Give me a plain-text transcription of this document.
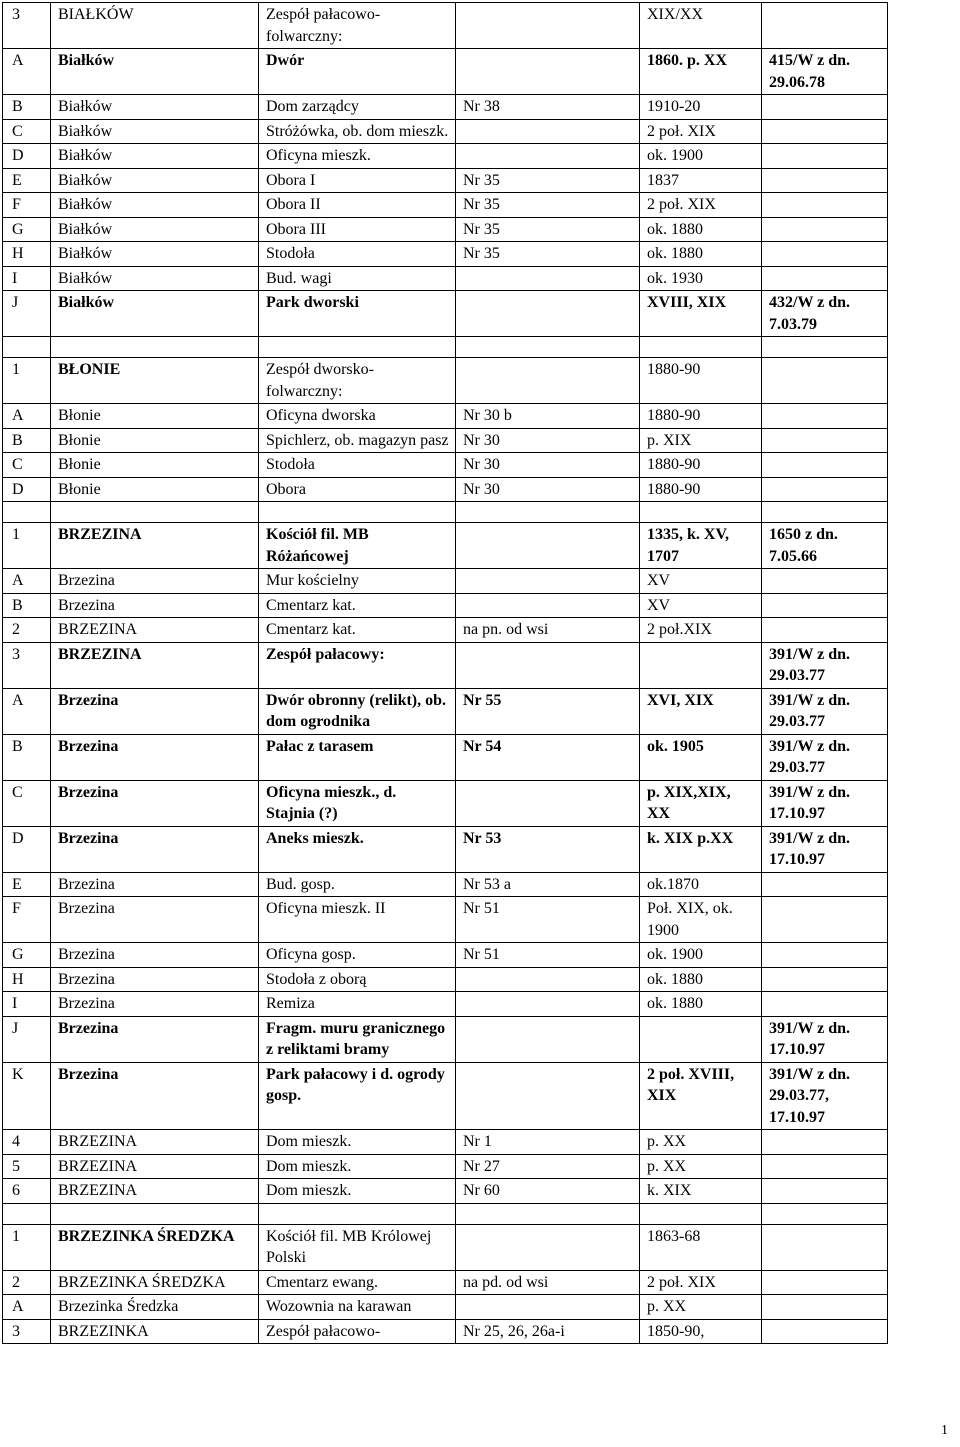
3	BIAŁKÓW	Zespół pałacowo-folwarczny:		XIX/XX	
A	Białków	Dwór		1860. p. XX	415/W z dn. 29.06.78
B	Białków	Dom zarządcy	Nr 38	1910-20	
C	Białków	Stróżówka, ob. dom mieszk.		2 poł. XIX	
D	Białków	Oficyna mieszk.		ok. 1900	
E	Białków	Obora I	Nr 35	1837	
F	Białków	Obora II	Nr 35	2 poł. XIX	
G	Białków	Obora III	Nr 35	ok. 1880	
H	Białków	Stodoła	Nr 35	ok. 1880	
I	Białków	Bud. wagi		ok. 1930	
J	Białków	Park dworski		XVIII, XIX	432/W z dn. 7.03.79

1	BŁONIE	Zespół dworsko-folwarczny:		1880-90	
A	Błonie	Oficyna dworska	Nr 30 b	1880-90	
B	Błonie	Spichlerz, ob. magazyn pasz	Nr 30	p. XIX	
C	Błonie	Stodoła	Nr 30	1880-90	
D	Błonie	Obora	Nr 30	1880-90	

1	BRZEZINA	Kościół fil. MB Różańcowej		1335, k. XV, 1707	1650 z dn. 7.05.66
A	Brzezina	Mur kościelny		XV	
B	Brzezina	Cmentarz kat.		XV	
2	BRZEZINA	Cmentarz kat.	na pn. od wsi	2 poł.XIX	
3	BRZEZINA	Zespół pałacowy:			391/W z dn. 29.03.77
A	Brzezina	Dwór obronny (relikt), ob. dom ogrodnika	Nr 55	XVI, XIX	391/W z dn. 29.03.77
B	Brzezina	Pałac z tarasem	Nr 54	ok. 1905	391/W z dn. 29.03.77
C	Brzezina	Oficyna mieszk., d. Stajnia (?)		p. XIX,XIX, XX	391/W z dn. 17.10.97
D	Brzezina	Aneks mieszk.	Nr 53	k. XIX p.XX	391/W z dn. 17.10.97
E	Brzezina	Bud. gosp.	Nr 53 a	ok.1870	
F	Brzezina	Oficyna mieszk. II	Nr 51	Poł. XIX, ok. 1900	
G	Brzezina	Oficyna gosp.	Nr 51	ok. 1900	
H	Brzezina	Stodoła z oborą		ok. 1880	
I	Brzezina	Remiza		ok. 1880	
J	Brzezina	Fragm. muru granicznego z reliktami bramy			391/W z dn. 17.10.97
K	Brzezina	Park pałacowy i d. ogrody gosp.		2 poł. XVIII, XIX	391/W z dn. 29.03.77, 17.10.97
4	BRZEZINA	Dom mieszk.	Nr 1	p. XX	
5	BRZEZINA	Dom mieszk.	Nr 27	p. XX	
6	BRZEZINA	Dom mieszk.	Nr 60	k. XIX	

1	BRZEZINKA ŚREDZKA	Kościół fil. MB Królowej Polski		1863-68	
2	BRZEZINKA ŚREDZKA	Cmentarz ewang.	na pd. od wsi	2 poł. XIX	
A	Brzezinka Średzka	Wozownia na karawan		p. XX	
3	BRZEZINKA	Zespół pałacowo-	Nr 25, 26, 26a-i	1850-90,	
1
